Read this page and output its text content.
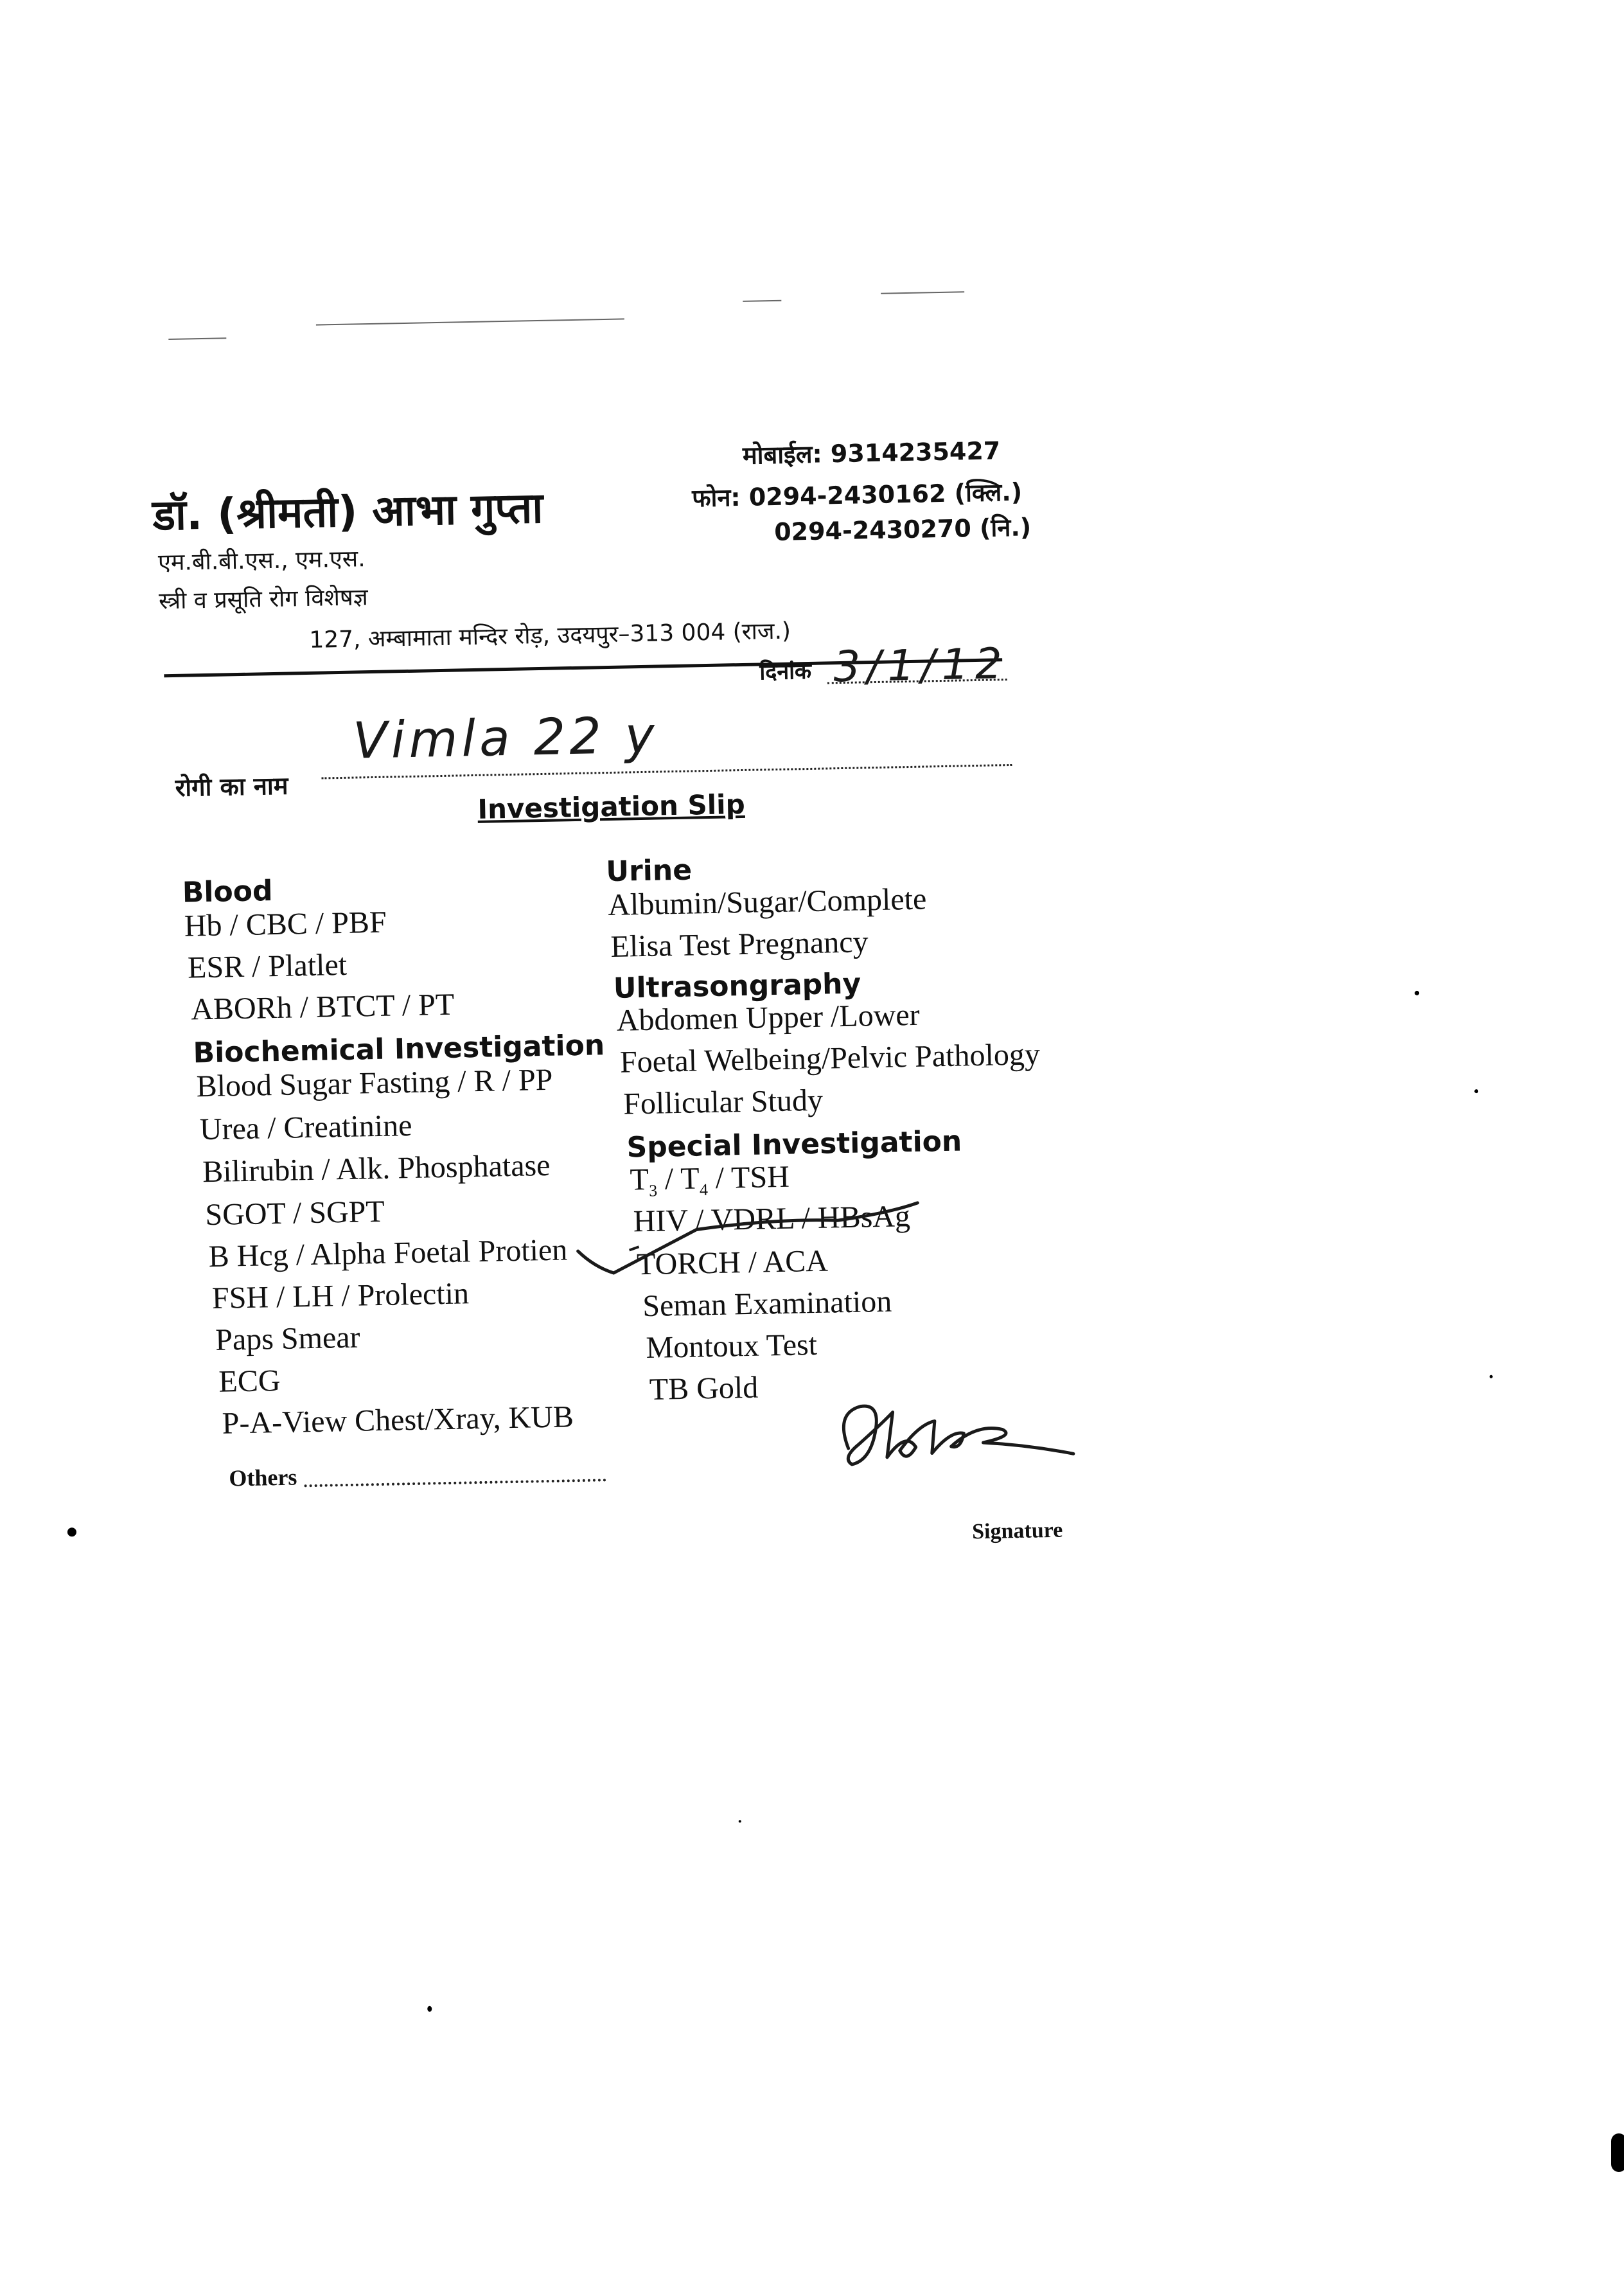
डॉ. (श्रीमती) आभा गुप्ता
एम.बी.बी.एस., एम.एस.
स्त्री व प्रसूति रोग विशेषज्ञ
मोबाईल: 9314235427
फोन: 0294-2430162 (क्लि.)
0294-2430270 (नि.)
127, अम्बामाता मन्दिर रोड़, उदयपुर–313 004 (राज.)
दिनांक 3/1/12
रोगी का नाम
Vimla 22 y
Investigation Slip
Blood
Hb / CBC / PBF
ESR / Platlet
ABORh / BTCT / PT
Biochemical Investigation
Blood Sugar Fasting / R / PP
Urea / Creatinine
Bilirubin / Alk. Phosphatase
SGOT / SGPT
B Hcg / Alpha Foetal Protien
FSH / LH / Prolectin
Paps Smear
ECG
P-A-View Chest/Xray, KUB
Others
Urine
Albumin/Sugar/Complete
Elisa Test Pregnancy
Ultrasongraphy
Abdomen Upper /Lower
Foetal Welbeing/Pelvic Pathology
Follicular Study
Special Investigation
$T_3 / T_4$ / TSH
HIV / VDRL / HBsAg
TORCH / ACA
Seman Examination
Montoux Test
TB Gold
Signature
